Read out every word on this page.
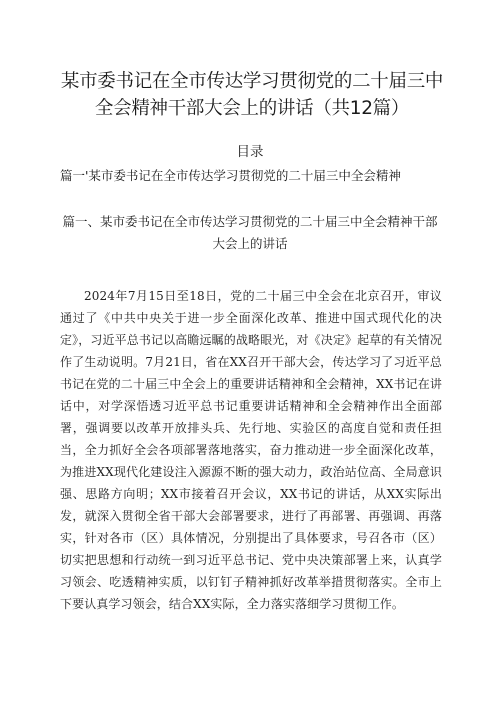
某市委书记在全市传达学习贯彻党的二十届三中全会精神干部大会上的讲话（共12篇）
目录
篇一'某市委书记在全市传达学习贯彻党的二十届三中全会精神
篇一、某市委书记在全市传达学习贯彻党的二十届三中全会精神干部大会上的讲话
2024年7月15日至18日，党的二十届三中全会在北京召开，审议通过了《中共中央关于进一步全面深化改革、推进中国式现代化的决定》，习近平总书记以高瞻远瞩的战略眼光，对《决定》起草的有关情况作了生动说明。7月21日，省在XX召开干部大会，传达学习了习近平总书记在党的二十届三中全会上的重要讲话精神和全会精神，XX书记在讲话中，对学深悟透习近平总书记重要讲话精神和全会精神作出全面部署，强调要以改革开放排头兵、先行地、实验区的高度自觉和责任担当，全力抓好全会各项部署落地落实，奋力推动进一步全面深化改革，为推进XX现代化建设注入源源不断的强大动力，政治站位高、全局意识强、思路方向明；XX市接着召开会议，XX书记的讲话，从XX实际出发，就深入贯彻全省干部大会部署要求，进行了再部署、再强调、再落实，针对各市（区）具体情况，分别提出了具体要求，号召各市（区）切实把思想和行动统一到习近平总书记、党中央决策部署上来，认真学习领会、吃透精神实质，以钉钉子精神抓好改革举措贯彻落实。全市上下要认真学习领会，结合XX实际，全力落实落细学习贯彻工作。
